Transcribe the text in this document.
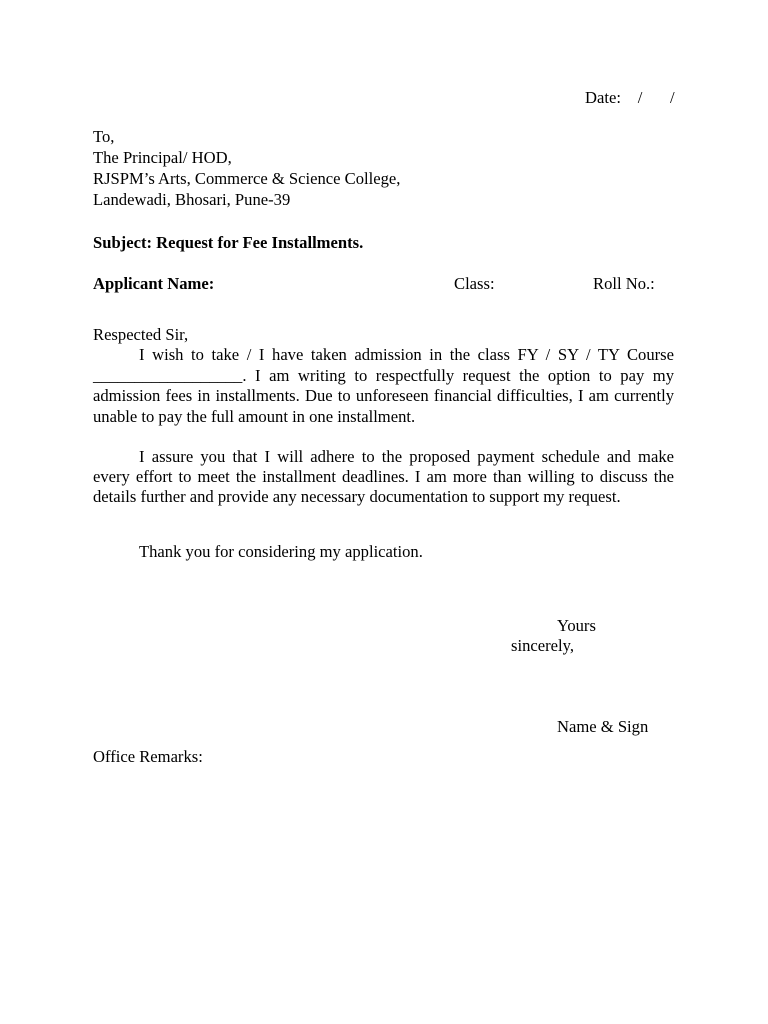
Date: / /
To,
The Principal/ HOD,
RJSPM’s Arts, Commerce & Science College,
Landewadi, Bhosari, Pune-39
Subject: Request for Fee Installments.
Applicant Name:	Class:	Roll No.:
Respected Sir,
I wish to take / I have taken admission in the class FY / SY / TY Course __________________. I am writing to respectfully request the option to pay my admission fees in installments. Due to unforeseen financial difficulties, I am currently unable to pay the full amount in one installment.
I assure you that I will adhere to the proposed payment schedule and make every effort to meet the installment deadlines. I am more than willing to discuss the details further and provide any necessary documentation to support my request.
Thank you for considering my application.
Yours
sincerely,
Name & Sign
Office Remarks:
